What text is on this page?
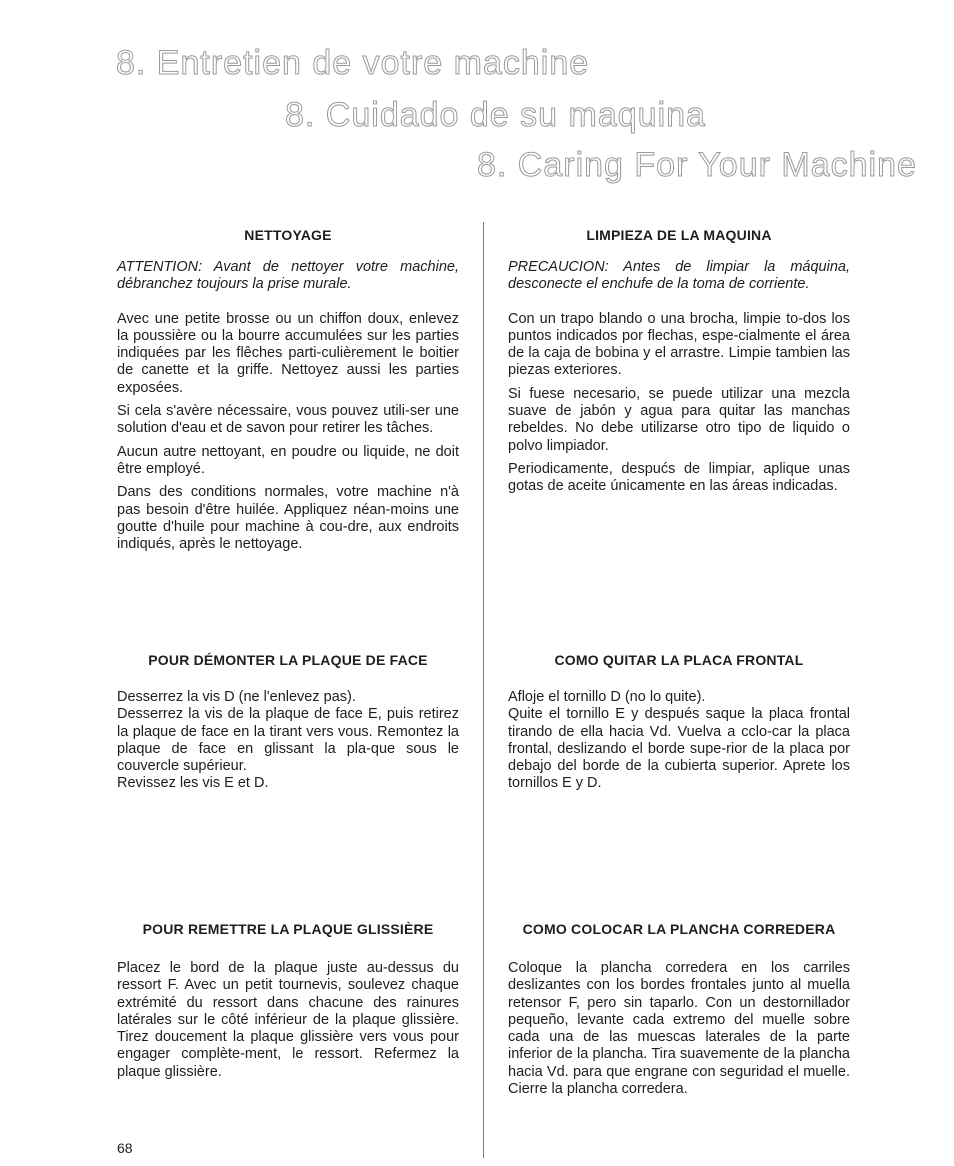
8. Entretien de votre machine
8. Cuidado de su maquina
8. Caring For Your Machine
NETTOYAGE

ATTENTION: Avant de nettoyer votre machine, débranchez toujours la prise murale.

Avec une petite brosse ou un chiffon doux, enlevez la poussière ou la bourre accumulées sur les parties indiquées par les flêches parti-culièrement le boitier de canette et la griffe. Nettoyez aussi les parties exposées.

Si cela s'avère nécessaire, vous pouvez utili-ser une solution d'eau et de savon pour retirer les tâches.

Aucun autre nettoyant, en poudre ou liquide, ne doit être employé.

Dans des conditions normales, votre machine n'à pas besoin d'être huilée. Appliquez néan-moins une goutte d'huile pour machine à cou-dre, aux endroits indiqués, après le nettoyage.

POUR DÉMONTER LA PLAQUE DE FACE

Desserrez la vis D (ne l'enlevez pas).

Desserrez la vis de la plaque de face E, puis retirez la plaque de face en la tirant vers vous. Remontez la plaque de face en glissant la pla-que sous le couvercle supérieur.

Revissez les vis E et D.

POUR REMETTRE LA PLAQUE GLISSIÈRE

Placez le bord de la plaque juste au-dessus du ressort F. Avec un petit tournevis, soulevez chaque extrémité du ressort dans chacune des rainures latérales sur le côté inférieur de la plaque glissière. Tirez doucement la plaque glissière vers vous pour engager complète-ment, le ressort. Refermez la plaque glissière.

LIMPIEZA DE LA MAQUINA

PRECAUCION: Antes de limpiar la máquina, desconecte el enchufe de la toma de corriente.

Con un trapo blando o una brocha, limpie to-dos los puntos indicados por flechas, espe-cialmente el área de la caja de bobina y el arrastre. Limpie tambien las piezas exteriores.

Si fuese necesario, se puede utilizar una mezcla suave de jabón y agua para quitar las manchas rebeldes. No debe utilizarse otro tipo de liquido o polvo limpiador.

Periodicamente, despućs de limpiar, aplique unas gotas de aceite únicamente en las áreas indicadas.

COMO QUITAR LA PLACA FRONTAL

Afloje el tornillo D (no lo quite).

Quite el tornillo E y después saque la placa frontal tirando de ella hacia Vd. Vuelva a cclo-car la placa frontal, deslizando el borde supe-rior de la placa por debajo del borde de la cubierta superior. Aprete los tornillos E y D.

COMO COLOCAR LA PLANCHA CORREDERA

Coloque la plancha corredera en los carriles deslizantes con los bordes frontales junto al muella retensor F, pero sin taparlo. Con un destornillador pequeño, levante cada extremo del muelle sobre cada una de las muescas laterales de la parte inferior de la plancha. Tira suavemente de la plancha hacia Vd. para que engrane con seguridad el muelle. Cierre la plancha corredera.

68
